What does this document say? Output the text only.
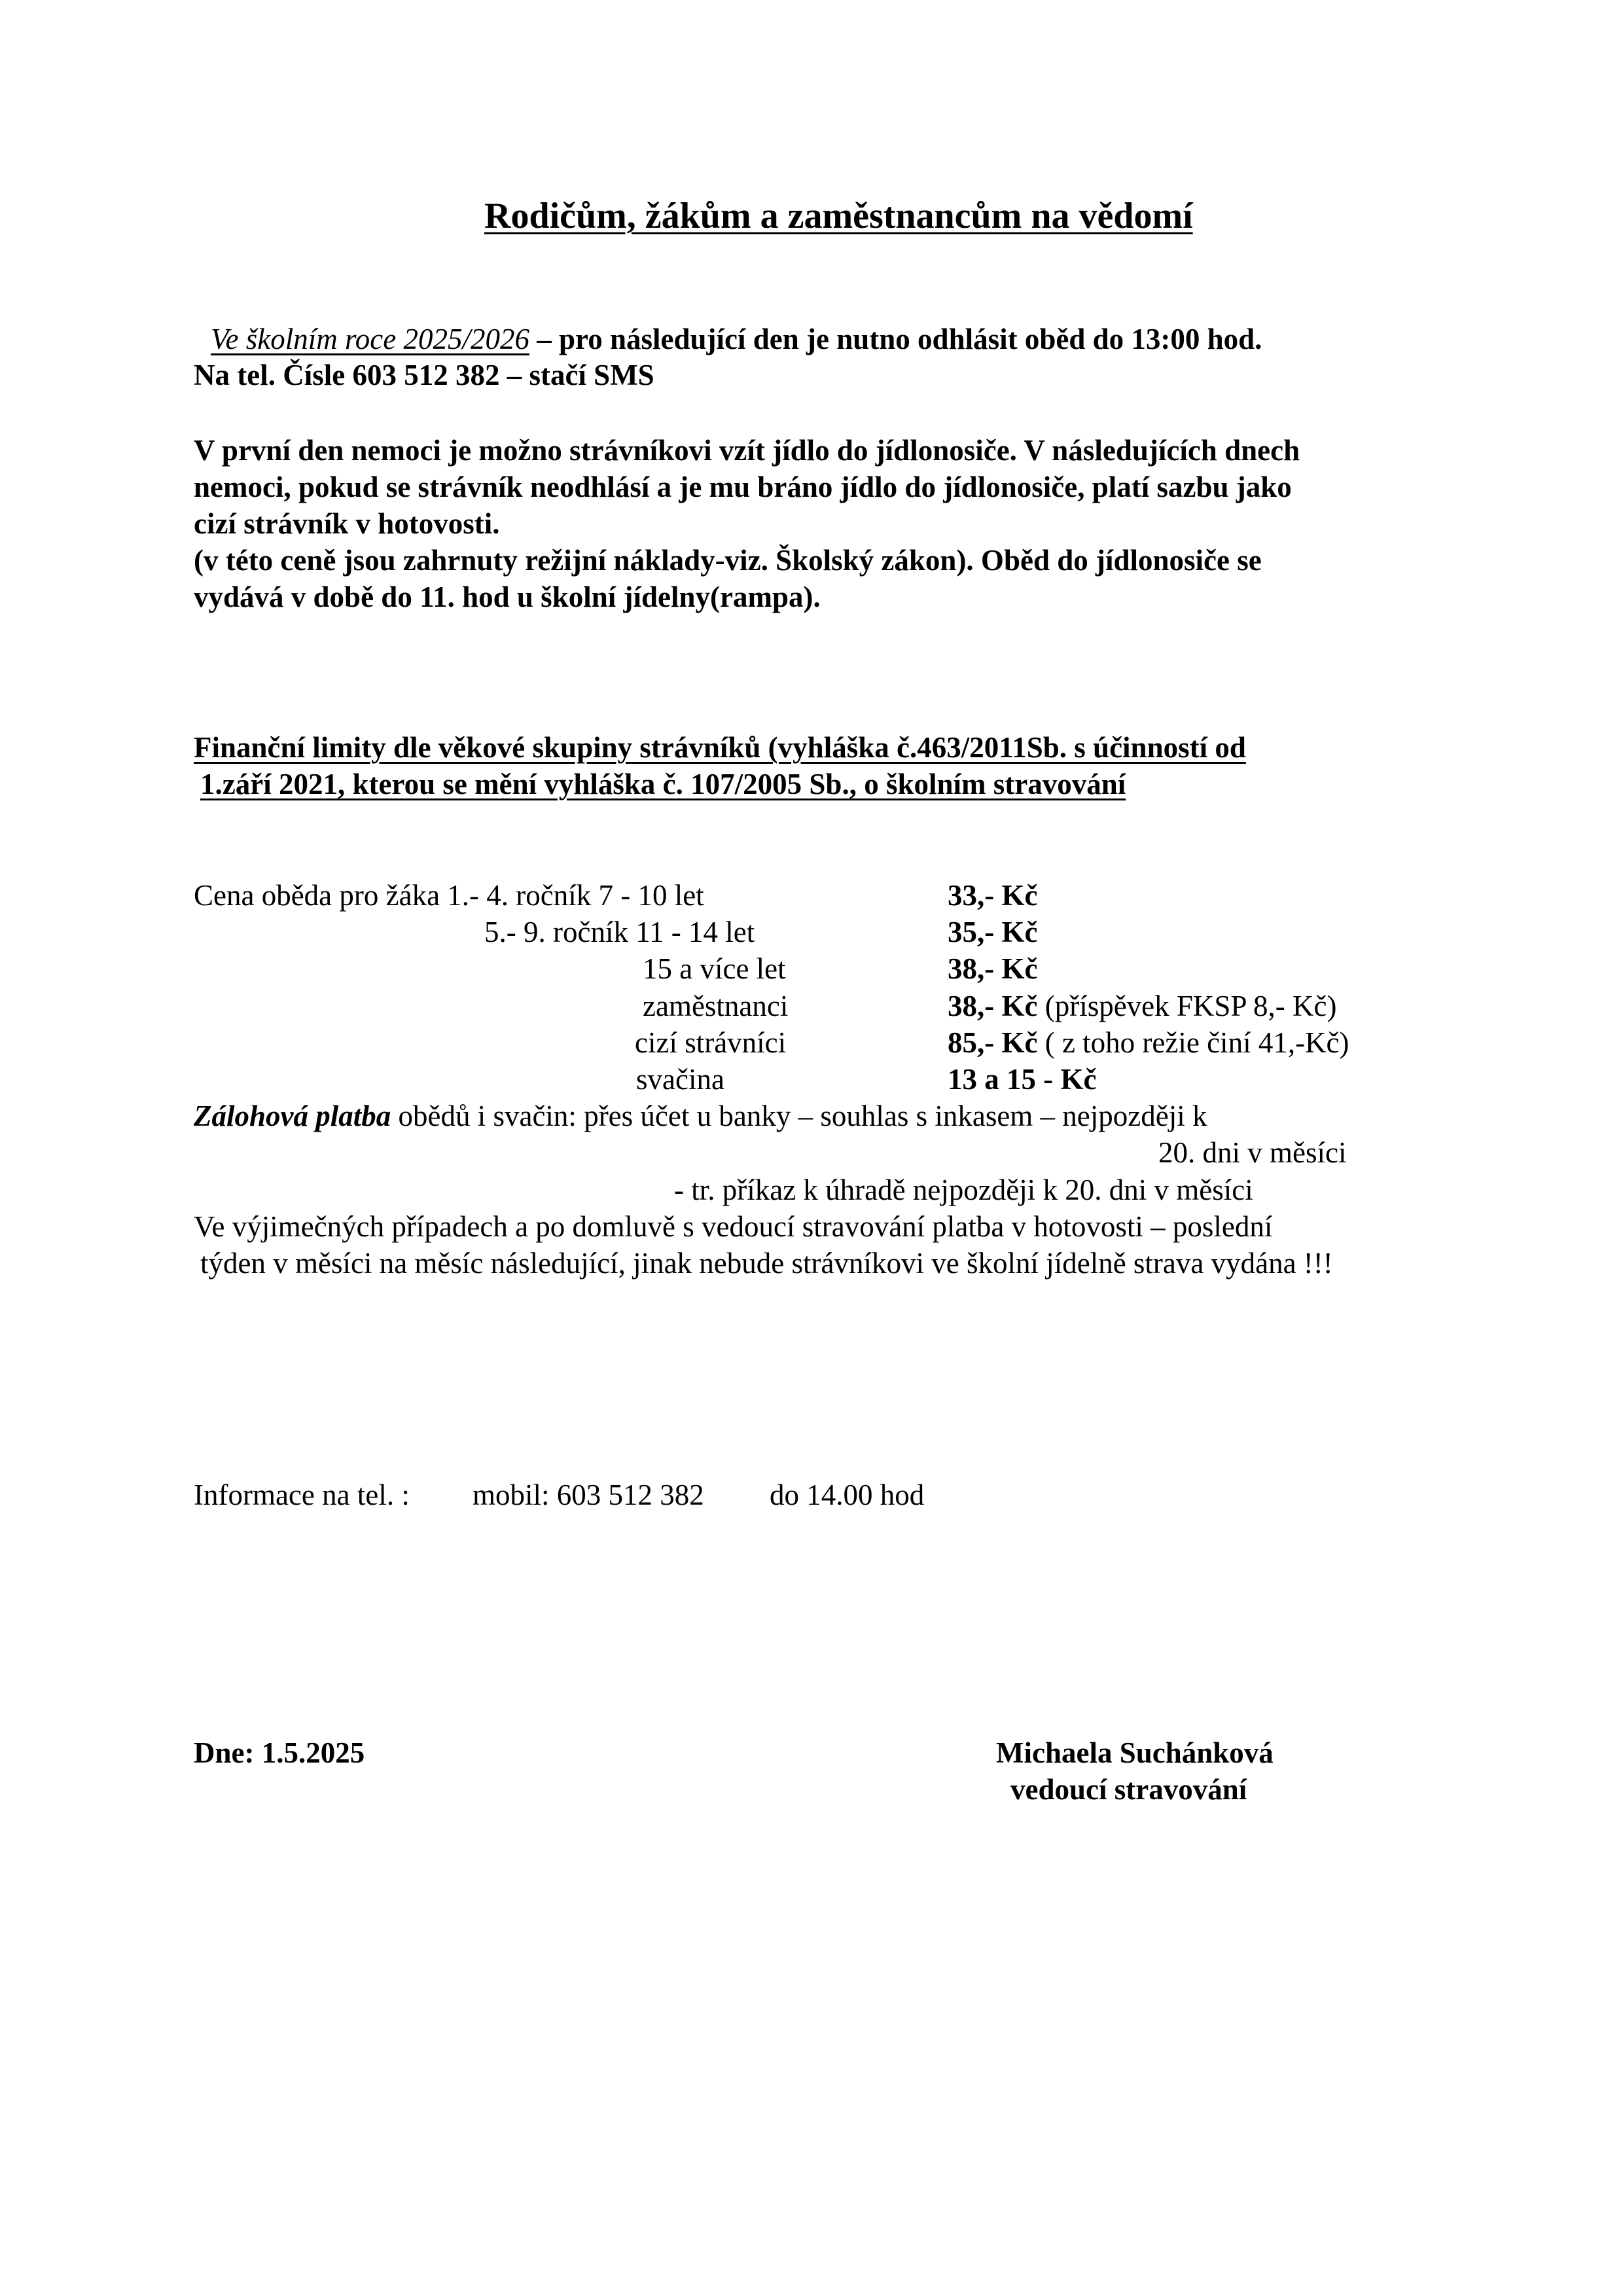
Rodičům, žákům a zaměstnancům na vědomí
Ve školním roce 2025/2026 – pro následující den je nutno odhlásit oběd do 13:00 hod.
Na tel. Čísle 603 512 382 – stačí SMS
V první den nemoci je možno strávníkovi vzít jídlo do jídlonosiče. V následujících dnech
nemoci, pokud se strávník neodhlásí a je mu bráno jídlo do jídlonosiče, platí sazbu jako
cizí strávník v hotovosti.
(v této ceně jsou zahrnuty režijní náklady-viz. Školský zákon). Oběd do jídlonosiče se
vydává v době do 11. hod u školní jídelny(rampa).
Finanční limity dle věkové skupiny strávníků (vyhláška č.463/2011Sb. s účinností od
1.září 2021, kterou se mění vyhláška č. 107/2005 Sb., o školním stravování
Cena oběda pro žáka 1.- 4. ročník 7 - 10 let	33,- Kč
5.- 9. ročník 11 - 14 let	35,- Kč
15 a více let	38,- Kč
zaměstnanci	38,- Kč (příspěvek FKSP 8,- Kč)
cizí strávníci	85,- Kč ( z toho režie činí 41,-Kč)
svačina	13 a 15 - Kč
Zálohová platba obědů i svačin: přes účet u banky – souhlas s inkasem – nejpozději k
20. dni v měsíci
- tr. příkaz k úhradě nejpozději k 20. dni v měsíci
Ve výjimečných případech a po domluvě s vedoucí stravování platba v hotovosti – poslední
týden v měsíci na měsíc následující, jinak nebude strávníkovi ve školní jídelně strava vydána !!!
Informace na tel. : mobil: 603 512 382 do 14.00 hod
Dne: 1.5.2025	Michaela Suchánková
vedoucí stravování
